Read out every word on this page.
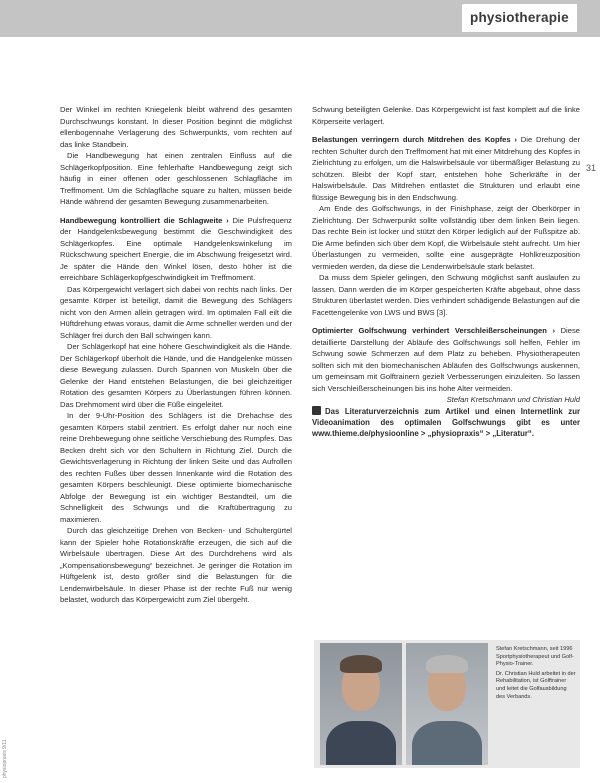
physiotherapie
31
physiopraxis 9/11

Der Winkel im rechten Kniegelenk bleibt während des gesamten Durchschwungs konstant. In dieser Position beginnt die möglichst ellenbogennahe Verlagerung des Schwerpunkts, vom rechten auf das linke Standbein.

Die Handbewegung hat einen zentralen Einfluss auf die Schlägerkopfposition. Eine fehlerhafte Handbewegung zeigt sich häufig in einer offenen oder geschlossenen Schlagfläche im Treffmoment. Um die Schlagfläche square zu halten, müssen beide Hände während der gesamten Bewegung zusammenarbeiten.

Handbewegung kontrolliert die Schlagweite › Die Pulsfrequenz der Handgelenksbewegung bestimmt die Geschwindigkeit des Schlägerkopfes. Eine optimale Handgelenkswinkelung im Rückschwung speichert Energie, die im Abschwung freigesetzt wird. Je später die Hände den Winkel lösen, desto höher ist die erreichbare Schlägerkopfgeschwindigkeit im Treffmoment.

Das Körpergewicht verlagert sich dabei von rechts nach links. Der gesamte Körper ist beteiligt, damit die Bewegung des Schlägers nicht von den Armen allein getragen wird. Im optimalen Fall eilt die Hüftdrehung etwas voraus, damit die Arme schneller werden und der Schläger frei durch den Ball schwingen kann.

Der Schlägerkopf hat eine höhere Geschwindigkeit als die Hände. Der Schlägerkopf überholt die Hände, und die Handgelenke müssen diese Bewegung zulassen. Durch Spannen von Muskeln über die Gelenke der Hand entstehen Belastungen, die bei gleichzeitiger Rotation des gesamten Körpers zu Überlastungen führen können. Das Drehmoment wird über die Füße eingeleitet.

In der 9-Uhr-Position des Schlägers ist die Drehachse des gesamten Körpers stabil zentriert. Es erfolgt daher nur noch eine reine Drehbewegung ohne seitliche Verschiebung des Rumpfes. Das Becken dreht sich vor den Schultern in Richtung Ziel. Durch die Gewichtsverlagerung in Richtung der linken Seite und das Aufrollen des rechten Fußes über dessen Innenkante wird die Rotation des gesamten Körpers beschleunigt. Diese optimierte biomechanische Abfolge der Bewegung ist ein wichtiger Bestandteil, um die Schnelligkeit des Schwungs und die Kraftübertragung zu maximieren.

Durch das gleichzeitige Drehen von Becken- und Schultergürtel kann der Spieler hohe Rotationskräfte erzeugen, die sich auf die Wirbelsäule übertragen. Diese Art des Durchdrehens wird als „Kompensationsbewegung“ bezeichnet. Je geringer die Rotation im Hüftgelenk ist, desto größer sind die Belastungen für die Lendenwirbelsäule. In dieser Phase ist der rechte Fuß nur wenig belastet, wodurch das Körpergewicht zum Ziel übergeht.

Schwung beteiligten Gelenke. Das Körpergewicht ist fast komplett auf die linke Körperseite verlagert.

Belastungen verringern durch Mitdrehen des Kopfes › Die Drehung der rechten Schulter durch den Treffmoment hat mit einer Mitdrehung des Kopfes in Zielrichtung zu erfolgen, um die Halswirbelsäule vor übermäßiger Belastung zu schützen. Bleibt der Kopf starr, entstehen hohe Scherkräfte in der Halswirbelsäule. Das Mitdrehen entlastet die Strukturen und erlaubt eine flüssige Bewegung bis in den Endschwung.

Am Ende des Golfschwungs, in der Finishphase, zeigt der Oberkörper in Zielrichtung. Der Schwerpunkt sollte vollständig über dem linken Bein liegen. Das rechte Bein ist locker und stützt den Körper lediglich auf der Fußspitze ab. Die Arme befinden sich über dem Kopf, die Wirbelsäule steht aufrecht. Um hier Überlastungen zu vermeiden, sollte eine ausgeprägte Hohlkreuzposition vermieden werden, da diese die Lendenwirbelsäule stark belastet.

Da muss dem Spieler gelingen, den Schwung möglichst sanft auslaufen zu lassen. Dann werden die im Körper gespeicherten Kräfte abgebaut, ohne dass Strukturen überlastet werden. Dies verhindert schädigende Belastungen auf die Facettengelenke von LWS und BWS [3].

Optimierter Golfschwung verhindert Verschleißerscheinungen › Diese detaillierte Darstellung der Abläufe des Golfschwungs soll helfen, Fehler im Schwung sowie Schmerzen auf dem Platz zu beheben. Physiotherapeuten sollten sich mit den biomechanischen Abläufen des Golfschwungs auskennen, um gemeinsam mit Golftrainern gezielt Verbesserungen einzuleiten. So lassen sich Verschleißerscheinungen bis ins hohe Alter vermeiden.

Stefan Kretschmann und Christian Huld

Das Literaturverzeichnis zum Artikel und einen Internetlink zur Videoanimation des optimalen Golfschwungs gibt es unter www.thieme.de/physioonline > „physiopraxis“ > „Literatur“.

Stefan Kretschmann, seit 1996 Sportphysiotherapeut und Golf-Physio-Trainer.

Dr. Christian Huld arbeitet in der Rehabilitation, ist Golftrainer und leitet die Golfausbildung des Verbands.
